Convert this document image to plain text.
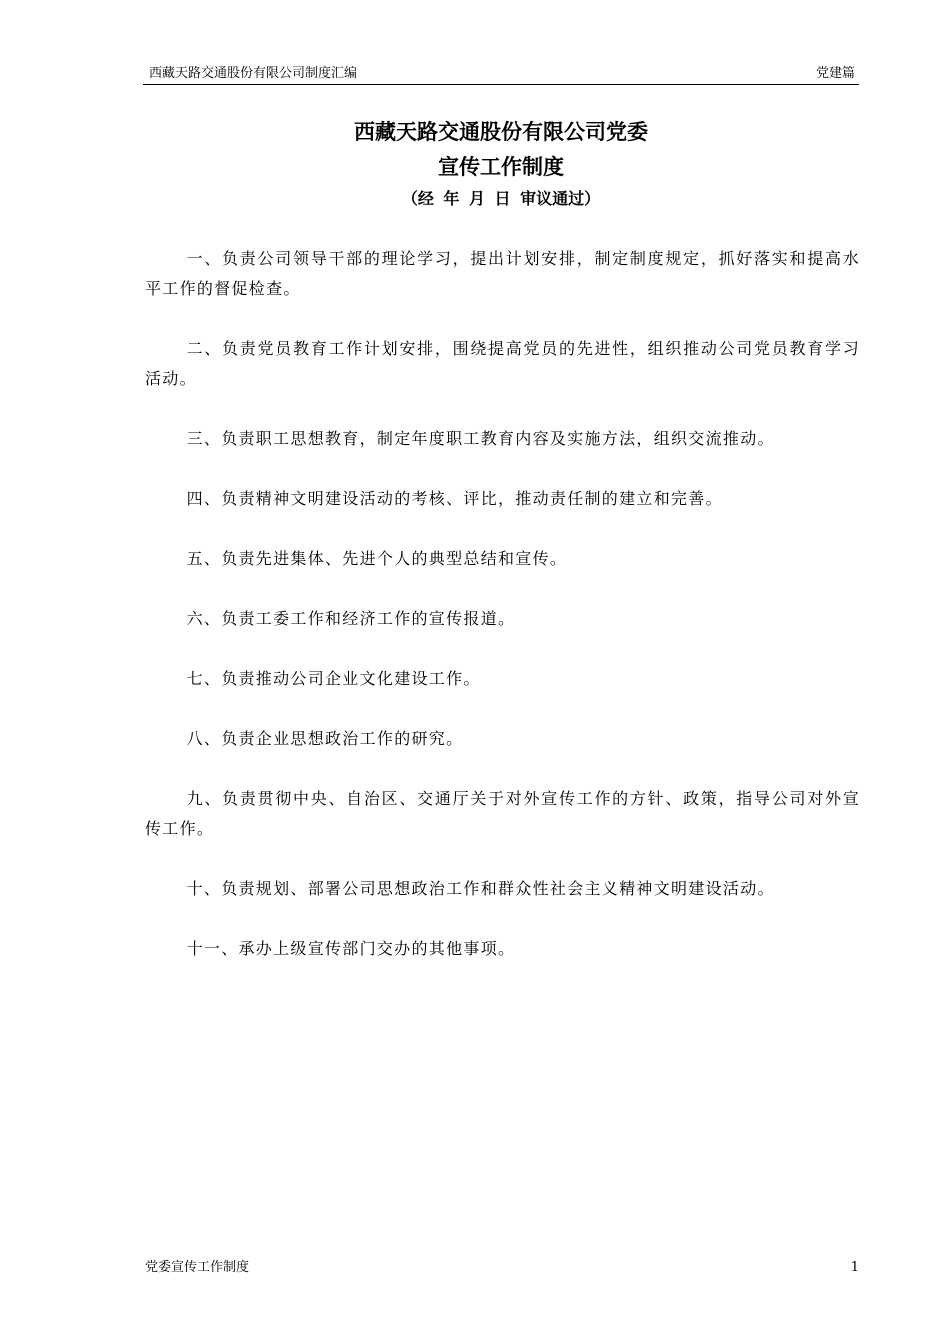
西藏天路交通股份有限公司制度汇编	党建篇
西藏天路交通股份有限公司党委
宣传工作制度
（经 年 月 日 审议通过）

一、负责公司领导干部的理论学习，提出计划安排，制定制度规定，抓好落实和提高水平工作的督促检查。

二、负责党员教育工作计划安排，围绕提高党员的先进性，组织推动公司党员教育学习活动。

三、负责职工思想教育，制定年度职工教育内容及实施方法，组织交流推动。

四、负责精神文明建设活动的考核、评比，推动责任制的建立和完善。

五、负责先进集体、先进个人的典型总结和宣传。

六、负责工委工作和经济工作的宣传报道。

七、负责推动公司企业文化建设工作。

八、负责企业思想政治工作的研究。

九、负责贯彻中央、自治区、交通厅关于对外宣传工作的方针、政策，指导公司对外宣传工作。

十、负责规划、部署公司思想政治工作和群众性社会主义精神文明建设活动。

十一、承办上级宣传部门交办的其他事项。

党委宣传工作制度	1
